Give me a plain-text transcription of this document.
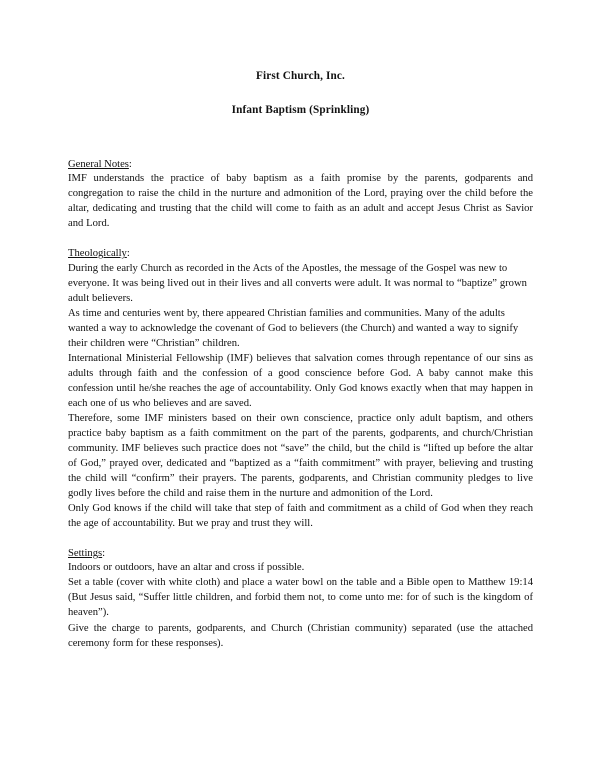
First Church, Inc.
Infant Baptism (Sprinkling)
General Notes:

IMF understands the practice of baby baptism as a faith promise by the parents, godparents and congregation to raise the child in the nurture and admonition of the Lord, praying over the child before the altar, dedicating and trusting that the child will come to faith as an adult and accept Jesus Christ as Savior and Lord.

Theologically:

During the early Church as recorded in the Acts of the Apostles, the message of the Gospel was new to everyone. It was being lived out in their lives and all converts were adult. It was normal to “baptize” grown adult believers.

As time and centuries went by, there appeared Christian families and communities. Many of the adults wanted a way to acknowledge the covenant of God to believers (the Church) and wanted a way to signify their children were “Christian” children.

International Ministerial Fellowship (IMF) believes that salvation comes through repentance of our sins as adults through faith and the confession of a good conscience before God. A baby cannot make this confession until he/she reaches the age of accountability. Only God knows exactly when that may happen in each one of us who believes and are saved.

Therefore, some IMF ministers based on their own conscience, practice only adult baptism, and others practice baby baptism as a faith commitment on the part of the parents, godparents, and church/Christian community. IMF believes such practice does not “save” the child, but the child is “lifted up before the altar of God,” prayed over, dedicated and “baptized as a “faith commitment” with prayer, believing and trusting the child will “confirm” their prayers. The parents, godparents, and Christian community pledges to live godly lives before the child and raise them in the nurture and admonition of the Lord.

Only God knows if the child will take that step of faith and commitment as a child of God when they reach the age of accountability. But we pray and trust they will.

Settings:

Indoors or outdoors, have an altar and cross if possible.

Set a table (cover with white cloth) and place a water bowl on the table and a Bible open to Matthew 19:14 (But Jesus said, “Suffer little children, and forbid them not, to come unto me: for of such is the kingdom of heaven”).

Give the charge to parents, godparents, and Church (Christian community) separated (use the attached ceremony form for these responses).
